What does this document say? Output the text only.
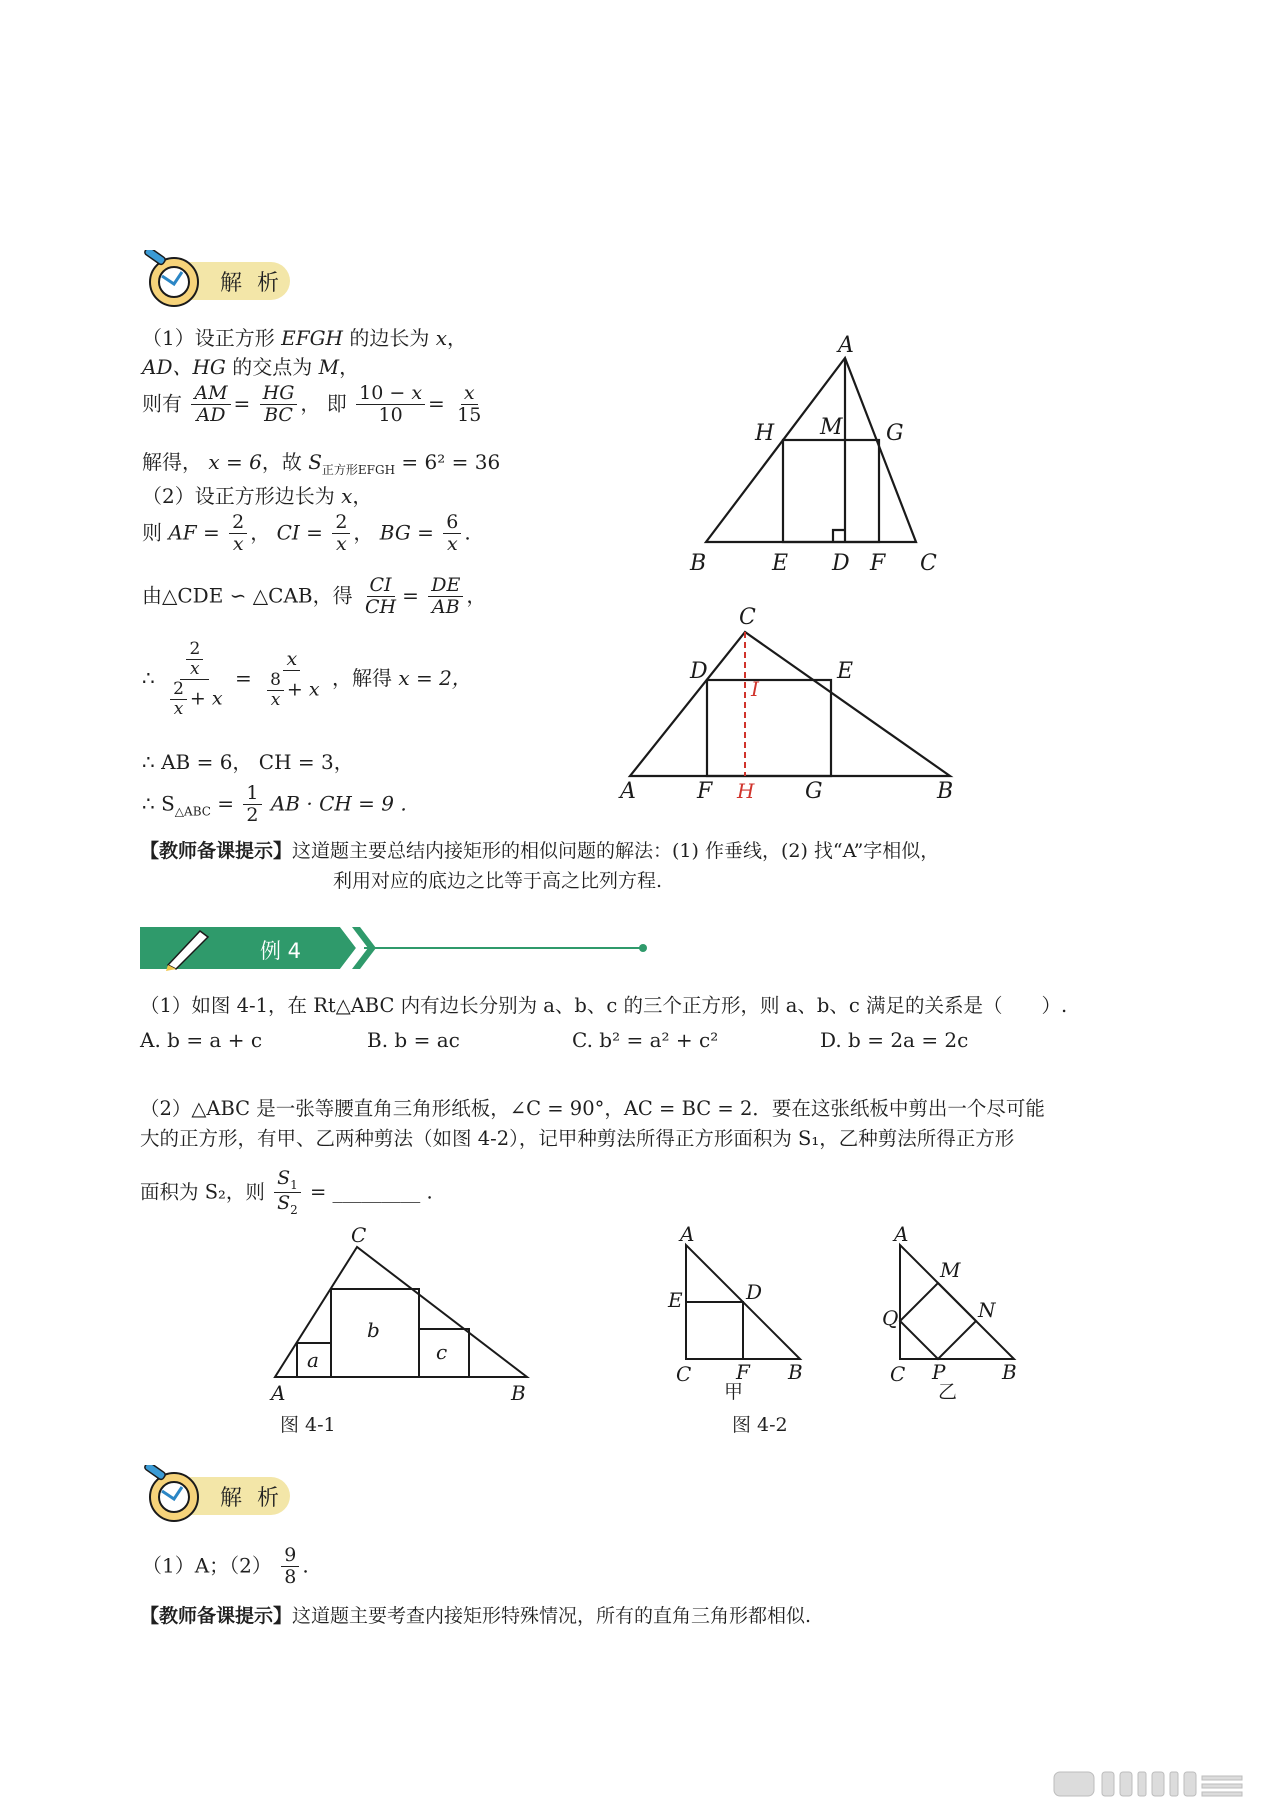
解 析
（1）设正方形 EFGH 的边长为 x，
AD、HG 的交点为 M，
则有 $\frac{AM}{AD} = \frac{HG}{BC}$ ， 即 $\frac{10 - x}{10} = \frac{x}{15}$
解得， x = 6，故 $S_{正方形EFGH} = 6^2 = 36$
（2）设正方形边长为 x，
则 AF = $\frac{2}{x}$ ， CI = $\frac{2}{x}$ ， BG = $\frac{6}{x}$ .
由△CDE ∽ △CAB，得 $\frac{CI}{CH} = \frac{DE}{AB}$ ，
∴ $\frac{\frac{2}{x}}{\frac{2}{x} + x} = \frac{x}{\frac{8}{x} + x}$ ，解得 x = 2，
∴ AB = 6， CH = 3，
∴ $S_{\triangle ABC} = \frac{1}{2}$ AB · CH = 9 .
【教师备课提示】这道题主要总结内接矩形的相似问题的解法：(1) 作垂线，(2) 找“A”字相似，
利用对应的底边之比等于高之比列方程.
A
H M G
B	E D F C
C
D	E
A	F	G	B
I
H
例 4
（1）如图 4-1，在 Rt△ABC 内有边长分别为 a、b、c 的三个正方形，则 a、b、c 满足的关系是（　　）.
A. b = a + c	B. b = ac	C. b² = a² + c²	D. b = 2a = 2c
（2）△ABC 是一张等腰直角三角形纸板，∠C = 90°，AC = BC = 2．要在这张纸板中剪出一个尽可能
大的正方形，有甲、乙两种剪法（如图 4-2），记甲种剪法所得正方形面积为 S₁，乙种剪法所得正方形
面积为 S₂，则 $\frac{S_1}{S_2}$ = _________ .
C
A	B
a
b
c
图 4-1
A
E	D
C F B
甲
A
M
N
Q
C P	B
乙
图 4-2
解 析
（1）A；$(2) \frac{9}{8}$ .
【教师备课提示】这道题主要考查内接矩形特殊情况，所有的直角三角形都相似.
